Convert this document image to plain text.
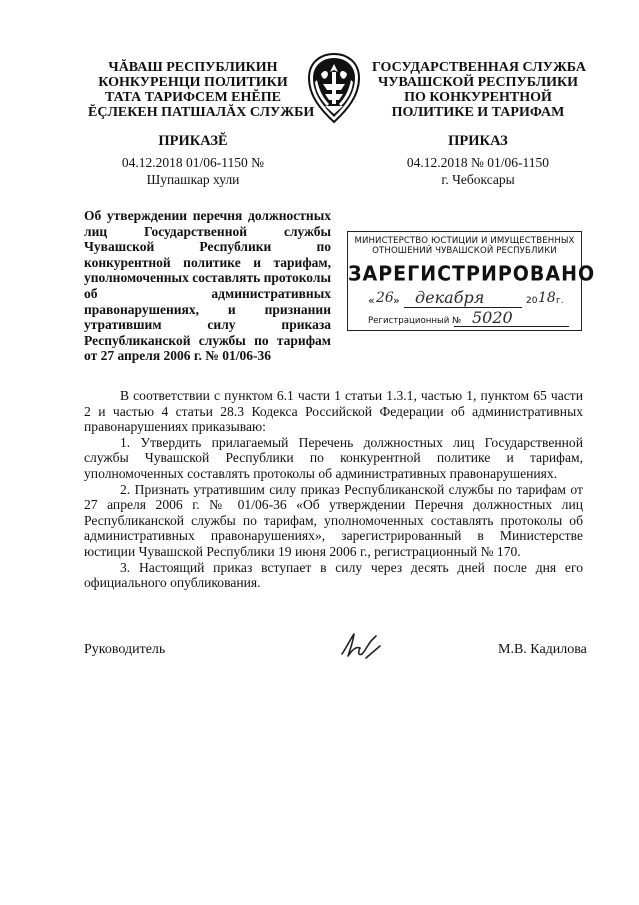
ЧĂВАШ РЕСПУБЛИКИН
КОНКУРЕНЦИ ПОЛИТИКИ
ТАТА ТАРИФСЕМ ЕНĔПЕ
ĔÇЛЕКЕН ПАТШАЛĂХ СЛУЖБИ
ГОСУДАРСТВЕННАЯ СЛУЖБА
ЧУВАШСКОЙ РЕСПУБЛИКИ
ПО КОНКУРЕНТНОЙ
ПОЛИТИКЕ И ТАРИФАМ
ПРИКАЗĔ	ПРИКАЗ
04.12.2018 01/06-1150 №
Шупашкар хули
04.12.2018 № 01/06-1150
г. Чебоксары
Об утверждении перечня должностных лиц Государственной службы Чувашской Республики по конкурентной политике и тарифам, уполномоченных составлять протоколы об административных правонарушениях, и признании утратившим силу приказа Республиканской службы по тарифам от 27 апреля 2006 г. № 01/06-36
МИНИСТЕРСТВО ЮСТИЦИИ И ИМУЩЕСТВЕННЫХ
ОТНОШЕНИЙ ЧУВАШСКОЙ РЕСПУБЛИКИ
ЗАРЕГИСТРИРОВАНО
« 26 » декабря	20 18 г.
Регистрационный № 5020

В соответствии с пунктом 6.1 части 1 статьи 1.3.1, частью 1, пунктом 65 части 2 и частью 4 статьи 28.3 Кодекса Российской Федерации об административных правонарушениях приказываю:

1. Утвердить прилагаемый Перечень должностных лиц Государственной службы Чувашской Республики по конкурентной политике и тарифам, уполномоченных составлять протоколы об административных правонарушениях.

2. Признать утратившим силу приказ Республиканской службы по тарифам от 27 апреля 2006 г. № 01/06-36 «Об утверждении Перечня должностных лиц Республиканской службы по тарифам, уполномоченных составлять протоколы об административных правонарушениях», зарегистрированный в Министерстве юстиции Чувашской Республики 19 июня 2006 г., регистрационный № 170.

3. Настоящий приказ вступает в силу через десять дней после дня его официального опубликования.

Руководитель	М.В. Кадилова
